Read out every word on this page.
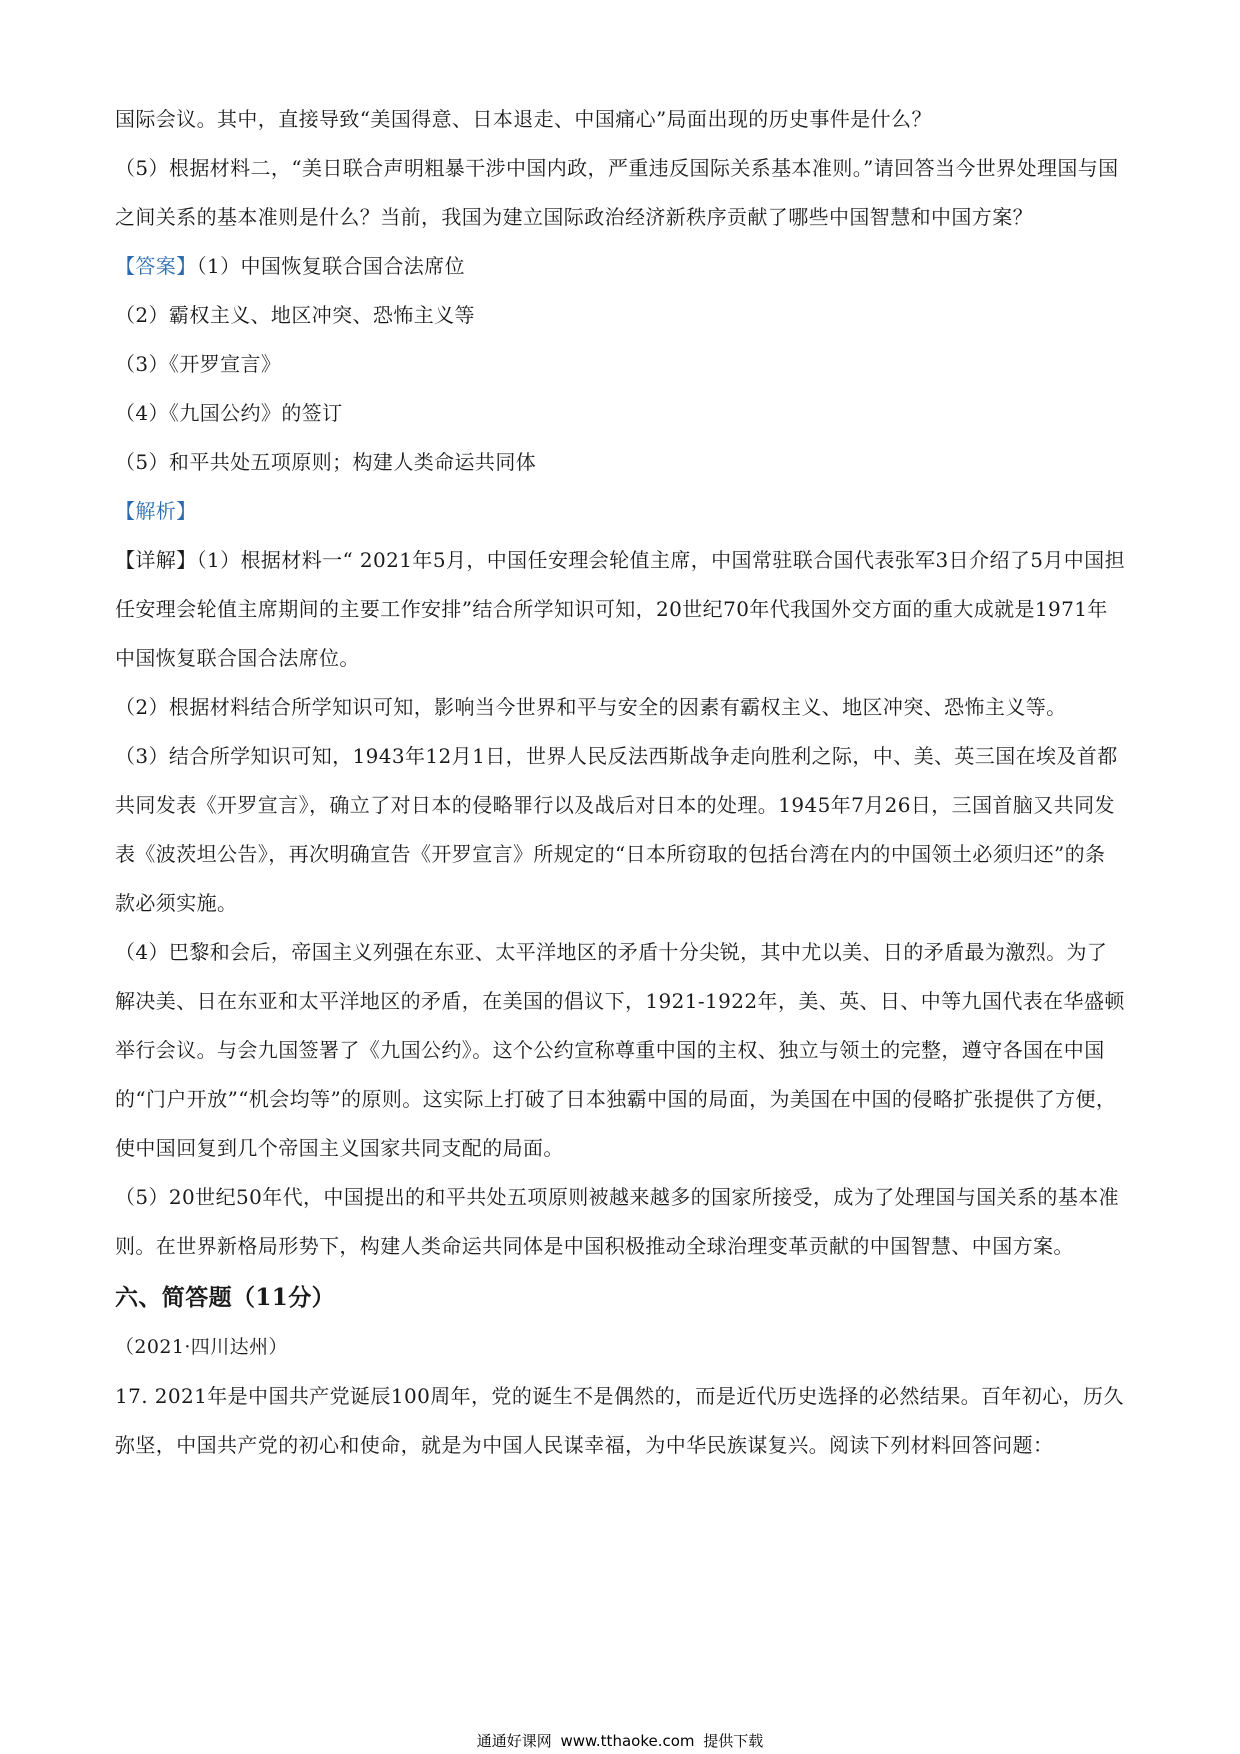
国际会议。其中，直接导致“美国得意、日本退走、中国痛心”局面出现的历史事件是什么？

（5）根据材料二，“美日联合声明粗暴干涉中国内政，严重违反国际关系基本准则。”请回答当今世界处理国与国之间关系的基本准则是什么？当前，我国为建立国际政治经济新秩序贡献了哪些中国智慧和中国方案？

【答案】（1）中国恢复联合国合法席位

（2）霸权主义、地区冲突、恐怖主义等

（3）《开罗宣言》

（4）《九国公约》的签订

（5）和平共处五项原则；构建人类命运共同体

【解析】

【详解】（1）根据材料一“ 2021年5月，中国任安理会轮值主席，中国常驻联合国代表张军3日介绍了5月中国担任安理会轮值主席期间的主要工作安排”结合所学知识可知，20世纪70年代我国外交方面的重大成就是1971年中国恢复联合国合法席位。

（2）根据材料结合所学知识可知，影响当今世界和平与安全的因素有霸权主义、地区冲突、恐怖主义等。

（3）结合所学知识可知，1943年12月1日，世界人民反法西斯战争走向胜利之际，中、美、英三国在埃及首都共同发表《开罗宣言》，确立了对日本的侵略罪行以及战后对日本的处理。1945年7月26日，三国首脑又共同发表《波茨坦公告》，再次明确宣告《开罗宣言》所规定的“日本所窃取的包括台湾在内的中国领土必须归还”的条款必须实施。

（4）巴黎和会后，帝国主义列强在东亚、太平洋地区的矛盾十分尖锐，其中尤以美、日的矛盾最为激烈。为了解决美、日在东亚和太平洋地区的矛盾，在美国的倡议下，1921-1922年，美、英、日、中等九国代表在华盛顿举行会议。与会九国签署了《九国公约》。这个公约宣称尊重中国的主权、独立与领土的完整，遵守各国在中国的“门户开放”“机会均等”的原则。这实际上打破了日本独霸中国的局面，为美国在中国的侵略扩张提供了方便，使中国回复到几个帝国主义国家共同支配的局面。

（5）20世纪50年代，中国提出的和平共处五项原则被越来越多的国家所接受，成为了处理国与国关系的基本准则。在世界新格局形势下，构建人类命运共同体是中国积极推动全球治理变革贡献的中国智慧、中国方案。

六、简答题（11分）

（2021·四川达州）

17. 2021年是中国共产党诞辰100周年，党的诞生不是偶然的，而是近代历史选择的必然结果。百年初心，历久弥坚，中国共产党的初心和使命，就是为中国人民谋幸福，为中华民族谋复兴。阅读下列材料回答问题：

通通好课网 www.tthaoke.com 提供下载
